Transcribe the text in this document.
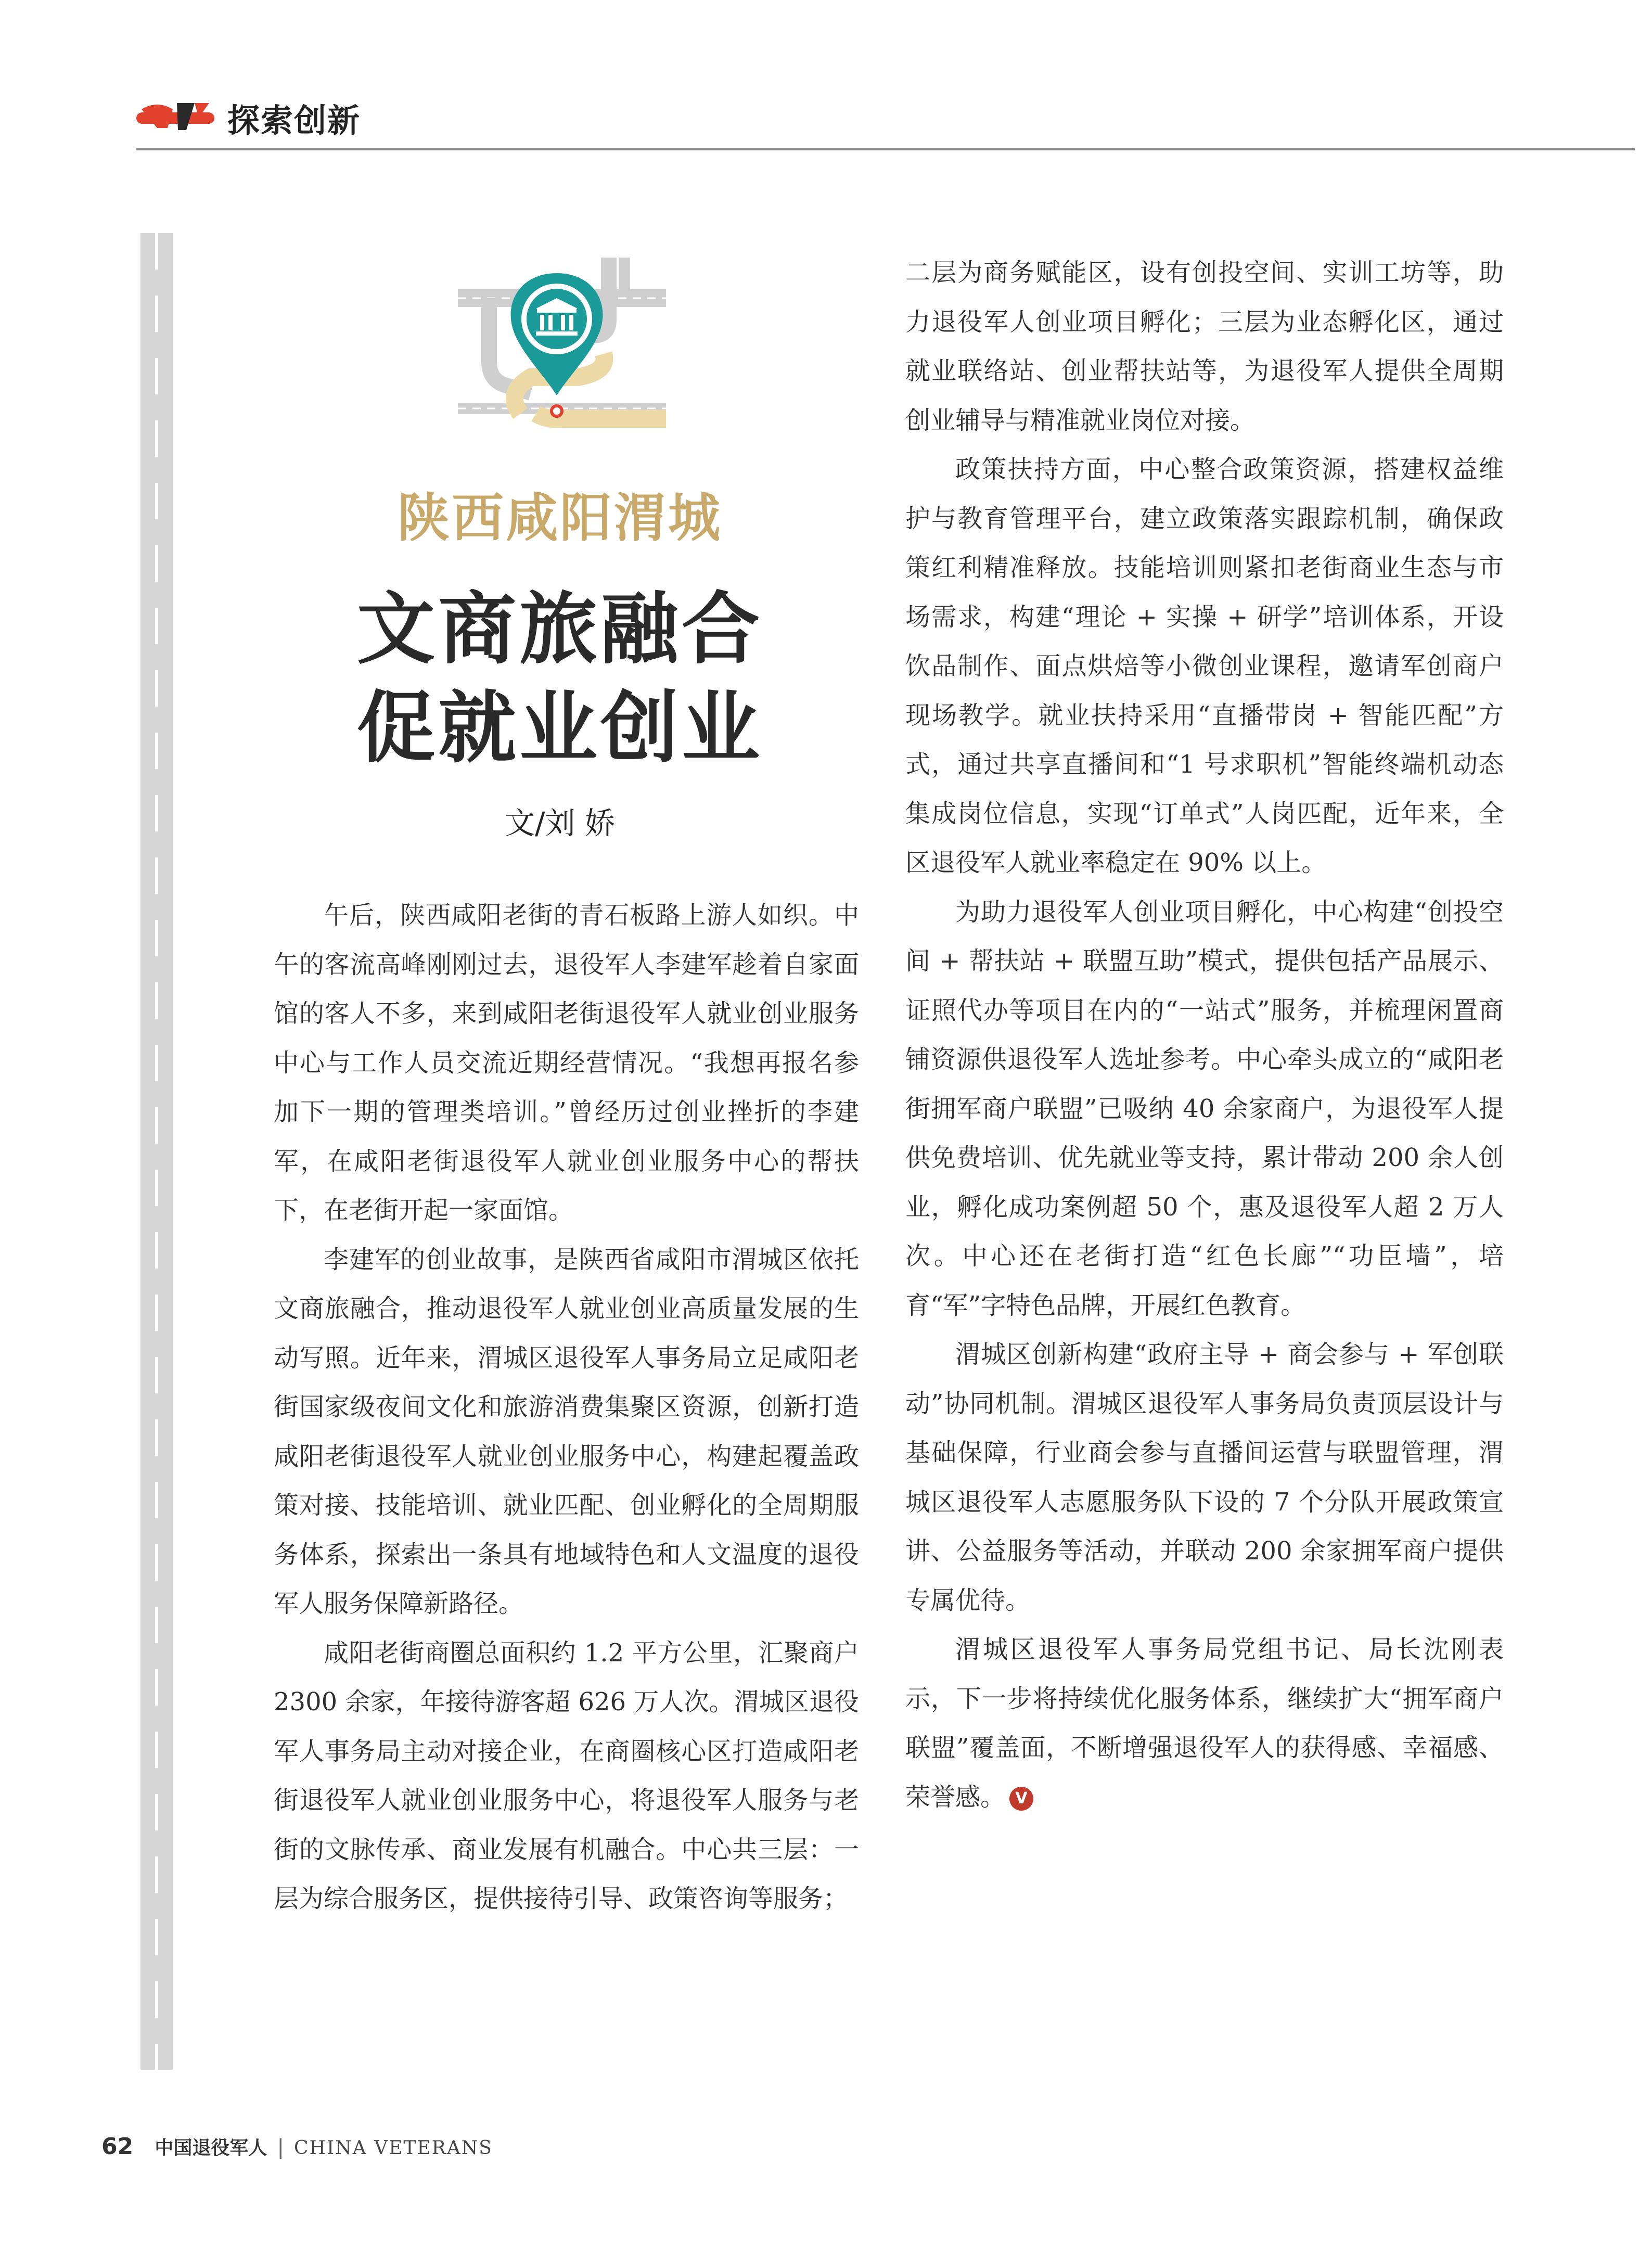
探索创新
陕西咸阳渭城
文商旅融合
促就业创业
文/刘 娇

午后，陕西咸阳老街的青石板路上游人如织。中午的客流高峰刚刚过去，退役军人李建军趁着自家面馆的客人不多，来到咸阳老街退役军人就业创业服务中心与工作人员交流近期经营情况。“我想再报名参加下一期的管理类培训。”曾经历过创业挫折的李建军，在咸阳老街退役军人就业创业服务中心的帮扶下，在老街开起一家面馆。

李建军的创业故事，是陕西省咸阳市渭城区依托文商旅融合，推动退役军人就业创业高质量发展的生动写照。近年来，渭城区退役军人事务局立足咸阳老街国家级夜间文化和旅游消费集聚区资源，创新打造咸阳老街退役军人就业创业服务中心，构建起覆盖政策对接、技能培训、就业匹配、创业孵化的全周期服务体系，探索出一条具有地域特色和人文温度的退役军人服务保障新路径。

咸阳老街商圈总面积约 1.2 平方公里，汇聚商户 2300 余家，年接待游客超 626 万人次。渭城区退役军人事务局主动对接企业，在商圈核心区打造咸阳老街退役军人就业创业服务中心，将退役军人服务与老街的文脉传承、商业发展有机融合。中心共三层：一层为综合服务区，提供接待引导、政策咨询等服务；

二层为商务赋能区，设有创投空间、实训工坊等，助力退役军人创业项目孵化；三层为业态孵化区，通过就业联络站、创业帮扶站等，为退役军人提供全周期创业辅导与精准就业岗位对接。

政策扶持方面，中心整合政策资源，搭建权益维护与教育管理平台，建立政策落实跟踪机制，确保政策红利精准释放。技能培训则紧扣老街商业生态与市场需求，构建“理论 + 实操 + 研学”培训体系，开设饮品制作、面点烘焙等小微创业课程，邀请军创商户现场教学。就业扶持采用“直播带岗 + 智能匹配”方式，通过共享直播间和“1 号求职机”智能终端机动态集成岗位信息，实现“订单式”人岗匹配，近年来，全区退役军人就业率稳定在 90% 以上。

为助力退役军人创业项目孵化，中心构建“创投空间 + 帮扶站 + 联盟互助”模式，提供包括产品展示、证照代办等项目在内的“一站式”服务，并梳理闲置商铺资源供退役军人选址参考。中心牵头成立的“咸阳老街拥军商户联盟”已吸纳 40 余家商户，为退役军人提供免费培训、优先就业等支持，累计带动 200 余人创业，孵化成功案例超 50 个，惠及退役军人超 2 万人次。中心还在老街打造“红色长廊”“功臣墙”，培育“军”字特色品牌，开展红色教育。

渭城区创新构建“政府主导 + 商会参与 + 军创联动”协同机制。渭城区退役军人事务局负责顶层设计与基础保障，行业商会参与直播间运营与联盟管理，渭城区退役军人志愿服务队下设的 7 个分队开展政策宣讲、公益服务等活动，并联动 200 余家拥军商户提供专属优待。

渭城区退役军人事务局党组书记、局长沈刚表示，下一步将持续优化服务体系，继续扩大“拥军商户联盟”覆盖面，不断增强退役军人的获得感、幸福感、荣誉感。 V

62 中国退役军人 | CHINA VETERANS
